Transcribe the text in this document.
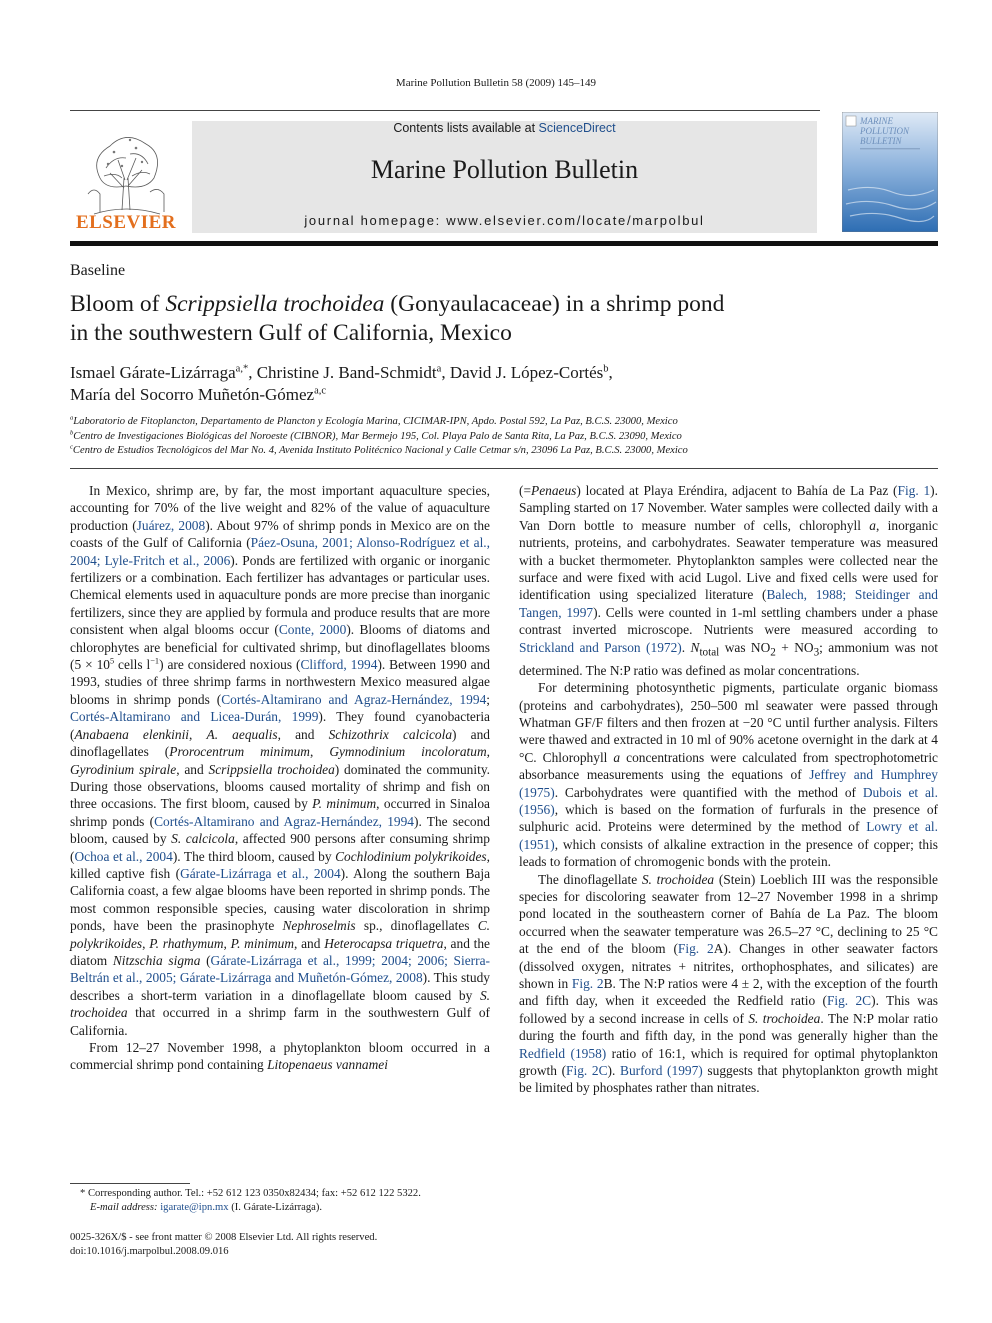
Marine Pollution Bulletin 58 (2009) 145–149
ELSEVIER
Contents lists available at ScienceDirect
Marine Pollution Bulletin
journal homepage: www.elsevier.com/locate/marpolbul
MARINE
POLLUTION
BULLETIN
Baseline
Bloom of Scrippsiella trochoidea (Gonyaulacaceae) in a shrimp pond
in the southwestern Gulf of California, Mexico
Ismael Gárate-Lizárraga$^{a,*}$, Christine J. Band-Schmidt$^a$, David J. López-Cortés$^b$,
María del Socorro Muñetón-Gómez$^{a,c}$
$^a$Laboratorio de Fitoplancton, Departamento de Plancton y Ecología Marina, CICIMAR-IPN, Apdo. Postal 592, La Paz, B.C.S. 23000, Mexico
$^b$Centro de Investigaciones Biológicas del Noroeste (CIBNOR), Mar Bermejo 195, Col. Playa Palo de Santa Rita, La Paz, B.C.S. 23090, Mexico
$^c$Centro de Estudios Tecnológicos del Mar No. 4, Avenida Instituto Politécnico Nacional y Calle Cetmar s/n, 23096 La Paz, B.C.S. 23000, Mexico

In Mexico, shrimp are, by far, the most important aquaculture species, accounting for 70% of the live weight and 82% of the value of aquaculture production (Juárez, 2008). About 97% of shrimp ponds in Mexico are on the coasts of the Gulf of California (Páez-Osuna, 2001; Alonso-Rodríguez et al., 2004; Lyle-Fritch et al., 2006). Ponds are fertilized with organic or inorganic fertilizers or a combination. Each fertilizer has advantages or particular uses. Chemical elements used in aquaculture ponds are more precise than inorganic fertilizers, since they are applied by formula and produce results that are more consistent when algal blooms occur (Conte, 2000). Blooms of diatoms and chlorophytes are beneficial for cultivated shrimp, but dinoflagellates blooms ($5 \times 10^5$ cells $l^{-1}$) are considered noxious (Clifford, 1994). Between 1990 and 1993, studies of three shrimp farms in northwestern Mexico measured algae blooms in shrimp ponds (Cortés-Altamirano and Agraz-Hernández, 1994; Cortés-Altamirano and Licea-Durán, 1999). They found cyanobacteria (Anabaena elenkinii, A. aequalis, and Schizothrix calcicola) and dinoflagellates (Prorocentrum minimum, Gymnodinium incoloratum, Gyrodinium spirale, and Scrippsiella trochoidea) dominated the community. During those observations, blooms caused mortality of shrimp and fish on three occasions. The first bloom, caused by P. minimum, occurred in Sinaloa shrimp ponds (Cortés-Altamirano and Agraz-Hernández, 1994). The second bloom, caused by S. calcicola, affected 900 persons after consuming shrimp (Ochoa et al., 2004). The third bloom, caused by Cochlodinium polykrikoides, killed captive fish (Gárate-Lizárraga et al., 2004). Along the southern Baja California coast, a few algae blooms have been reported in shrimp ponds. The most common responsible species, causing water discoloration in shrimp ponds, have been the prasinophyte Nephroselmis sp., dinoflagellates C. polykrikoides, P. rhathymum, P. minimum, and Heterocapsa triquetra, and the diatom Nitzschia sigma (Gárate-Lizárraga et al., 1999; 2004; 2006; Sierra-Beltrán et al., 2005; Gárate-Lizárraga and Muñetón-Gómez, 2008). This study describes a short-term variation in a dinoflagellate bloom caused by S. trochoidea that occurred in a shrimp farm in the southwestern Gulf of California.

From 12–27 November 1998, a phytoplankton bloom occurred in a commercial shrimp pond containing Litopenaeus vannamei

(=Penaeus) located at Playa Eréndira, adjacent to Bahía de La Paz (Fig. 1). Sampling started on 17 November. Water samples were collected daily with a Van Dorn bottle to measure number of cells, chlorophyll a, inorganic nutrients, proteins, and carbohydrates. Seawater temperature was measured with a bucket thermometer. Phytoplankton samples were collected near the surface and were fixed with acid Lugol. Live and fixed cells were used for identification using specialized literature (Balech, 1988; Steidinger and Tangen, 1997). Cells were counted in 1-ml settling chambers under a phase contrast inverted microscope. Nutrients were measured according to Strickland and Parson (1972). $N_{total}$ was $NO_2 + NO_3$; ammonium was not determined. The N:P ratio was defined as molar concentrations.

For determining photosynthetic pigments, particulate organic biomass (proteins and carbohydrates), 250–500 ml seawater were passed through Whatman GF/F filters and then frozen at −20 °C until further analysis. Filters were thawed and extracted in 10 ml of 90% acetone overnight in the dark at 4 °C. Chlorophyll a concentrations were calculated from spectrophotometric absorbance measurements using the equations of Jeffrey and Humphrey (1975). Carbohydrates were quantified with the method of Dubois et al. (1956), which is based on the formation of furfurals in the presence of sulphuric acid. Proteins were determined by the method of Lowry et al. (1951), which consists of alkaline extraction in the presence of copper; this leads to formation of chromogenic bonds with the protein.

The dinoflagellate S. trochoidea (Stein) Loeblich III was the responsible species for discoloring seawater from 12–27 November 1998 in a shrimp pond located in the southeastern corner of Bahía de La Paz. The bloom occurred when the seawater temperature was 26.5–27 °C, declining to 25 °C at the end of the bloom (Fig. 2A). Changes in other seawater factors (dissolved oxygen, nitrates + nitrites, orthophosphates, and silicates) are shown in Fig. 2B. The N:P ratios were 4 ± 2, with the exception of the fourth and fifth day, when it exceeded the Redfield ratio (Fig. 2C). This was followed by a second increase in cells of S. trochoidea. The N:P molar ratio during the fourth and fifth day, in the pond was generally higher than the Redfield (1958) ratio of 16:1, which is required for optimal phytoplankton growth (Fig. 2C). Burford (1997) suggests that phytoplankton growth might be limited by phosphates rather than nitrates.

* Corresponding author. Tel.: +52 612 123 0350x82434; fax: +52 612 122 5322.
E-mail address: igarate@ipn.mx (I. Gárate-Lizárraga).
0025-326X/$ - see front matter © 2008 Elsevier Ltd. All rights reserved.
doi:10.1016/j.marpolbul.2008.09.016
